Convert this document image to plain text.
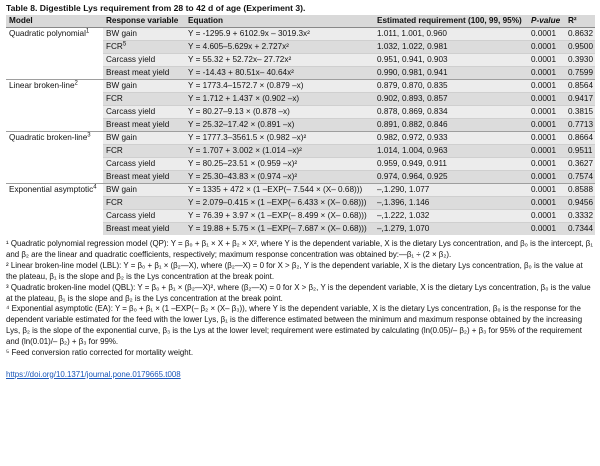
Table 8. Digestible Lys requirement from 28 to 42 d of age (Experiment 3).
Model	Response variable	Equation	Estimated requirement (100, 99, 95%)	P-value	R²
Quadratic polynomial$^1$	BW gain	Y = -1295.9 + 6102.9x – 3019.3x²	1.011, 1.001, 0.960	0.0001	0.8632
	FCR$^5$	Y = 4.605–5.629x + 2.727x²	1.032, 1.022, 0.981	0.0001	0.9500
	Carcass yield	Y = 55.32 + 52.72x– 27.72x²	0.951, 0.941, 0.903	0.0001	0.3930
	Breast meat yield	Y = -14.43 + 80.51x– 40.64x²	0.990, 0.981, 0.941	0.0001	0.7599
Linear broken-line$^2$	BW gain	Y = 1773.4–1572.7 × (0.879 –x)	0.879, 0.870, 0.835	0.0001	0.8564
	FCR	Y = 1.712 + 1.437 × (0.902 –x)	0.902, 0.893, 0.857	0.0001	0.9417
	Carcass yield	Y = 80.27–9.13 × (0.878 –x)	0.878, 0.869, 0.834	0.0001	0.3815
	Breast meat yield	Y = 25.32–17.42 × (0.891 –x)	0.891, 0.882, 0.846	0.0001	0.7713
Quadratic broken-line$^3$	BW gain	Y = 1777.3–3561.5 × (0.982 –x)²	0.982, 0.972, 0.933	0.0001	0.8664
	FCR	Y = 1.707 + 3.002 × (1.014 –x)²	1.014, 1.004, 0.963	0.0001	0.9511
	Carcass yield	Y = 80.25–23.51 × (0.959 –x)²	0.959, 0.949, 0.911	0.0001	0.3627
	Breast meat yield	Y = 25.30–43.83 × (0.974 –x)²	0.974, 0.964, 0.925	0.0001	0.7574
Exponential asymptotic$^4$	BW gain	Y = 1335 + 472 × (1 –EXP(– 7.544 × (X– 0.68)))	–,1.290, 1.077	0.0001	0.8588
	FCR	Y = 2.079–0.415 × (1 –EXP(– 6.433 × (X– 0.68)))	–,1.396, 1.146	0.0001	0.9456
	Carcass yield	Y = 76.39 + 3.97 × (1 –EXP(– 8.499 × (X– 0.68)))	–,1.222, 1.032	0.0001	0.3332
	Breast meat yield	Y = 19.88 + 5.75 × (1 –EXP(– 7.687 × (X– 0.68)))	–,1.279, 1.070	0.0001	0.7344

¹ Quadratic polynomial regression model (QP): Y = β₀ + β₁ × X + β₂ × X², where Y is the dependent variable, X is the dietary Lys concentration, and β₀ is the intercept, β₁ and β₂ are the linear and quadratic coefficients, respectively; maximum response concentration was obtained by:—β₁ ÷ (2 × β₂).

² Linear broken-line model (LBL): Y = β₀ + β₁ × (β₂—X), where (β₂—X) = 0 for X > β₂, Y is the dependent variable, X is the dietary Lys concentration, β₀ is the value at the plateau, β₁ is the slope and β₂ is the Lys concentration at the break point.

³ Quadratic broken-line model (QBL): Y = β₀ + β₁ × (β₂—X)², where (β₂—X) = 0 for X > β₂, Y is the dependent variable, X is the dietary Lys concentration, β₀ is the value at the plateau, β₁ is the slope and β₂ is the Lys concentration at the break point.

⁴ Exponential asymptotic (EA): Y = β₀ + β₁ × (1 –EXP(– β₂ × (X– β₃)), where Y is the dependent variable, X is the dietary Lys concentration, β₀ is the response for the dependent variable estimated for the feed with the lower Lys, β₁ is the difference estimated between the minimum and maximum response obtained by the increasing Lys, β₂ is the slope of the exponential curve, β₃ is the Lys at the lower level; requirement were estimated by calculating (ln(0.05)/– β₂) + β₃ for 95% of the requirement and (ln(0.01)/– β₂) + β₃ for 99%.

⁵ Feed conversion ratio corrected for mortality weight.

https://doi.org/10.1371/journal.pone.0179665.t008
